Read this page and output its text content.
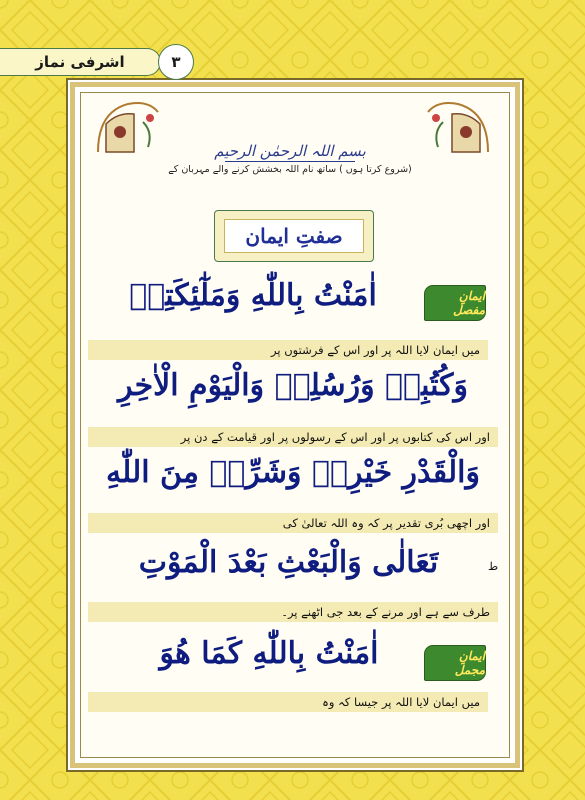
اشرفی نماز	۳
بسم اللہ الرحمٰن الرحیم
(شروع کرتا ہوں ) ساتھ نام اللہ بخشش کرنے والے مہربان کے
صفتِ ایمان
ایمانِ مفصل
اٰمَنْتُ بِاللّٰهِ وَمَلٰٓئِكَتِهٖ
میں ایمان لایا اللہ پر اور اس کے فرشتوں پر
وَكُتُبِهٖ وَرُسُلِهٖ وَالْيَوْمِ الْاٰخِرِ
اور اس کی کتابوں پر اور اس کے رسولوں پر اور قیامت کے دن پر
وَالْقَدْرِ خَيْرِهٖ وَشَرِّهٖ مِنَ اللّٰهِ
اور اچھی بُری تقدیر پر کہ وہ اللہ تعالیٰ کی
تَعَالٰى وَالْبَعْثِ بَعْدَ الْمَوْتِ	ط
طرف سے ہے اور مرنے کے بعد جی اٹھنے پر۔
ایمانِ مجمل
اٰمَنْتُ بِاللّٰهِ كَمَا هُوَ
میں ایمان لایا اللہ پر جیسا کہ وہ
